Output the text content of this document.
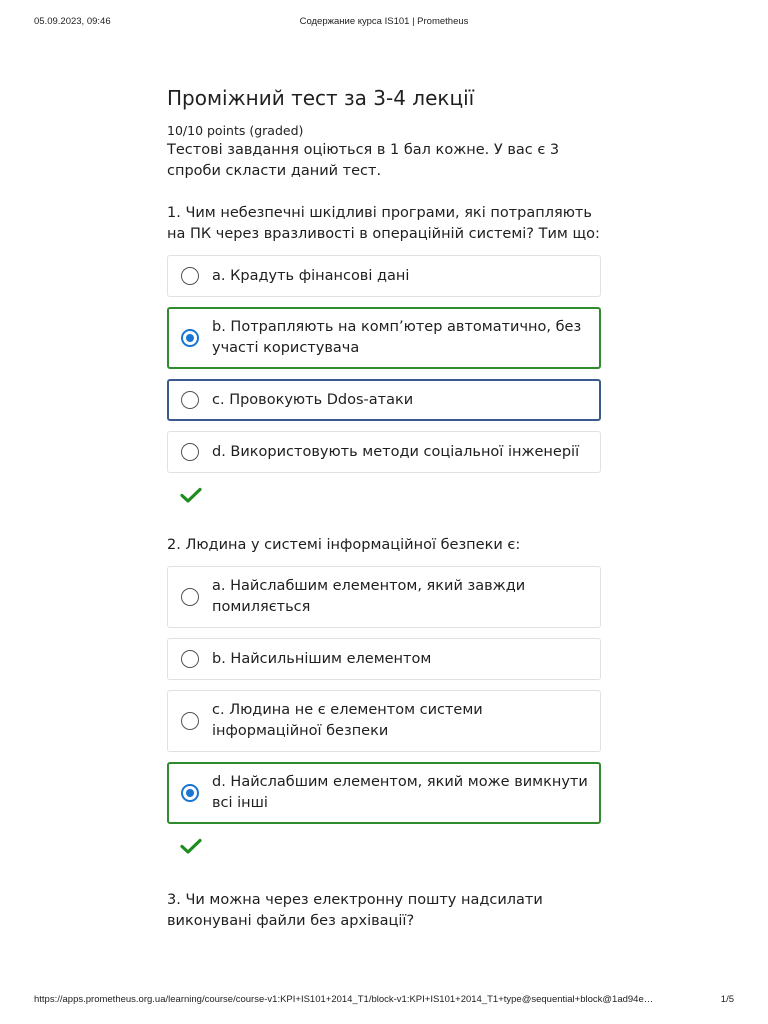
05.09.2023, 09:46	Содержание курса IS101 | Prometheus
Проміжний тест за 3-4 лекції
10/10 points (graded)
Тестові завдання оціються в 1 бал кожне. У вас є 3 спроби скласти даний тест.
1. Чим небезпечні шкідливі програми, які потрапляють на ПК через вразливості в операційній системі? Тим що:
a. Крадуть фінансові дані
b. Потрапляють на комп’ютер автоматично, без участі користувача
c. Провокують Ddos-атаки
d. Використовують методи соціальної інженерії
2. Людина у системі інформаційної безпеки є:
a. Найслабшим елементом, який завжди помиляється
b. Найсильнішим елементом
c. Людина не є елементом системи інформаційної безпеки
d. Найслабшим елементом, який може вимкнути всі інші
3. Чи можна через електронну пошту надсилати виконувані файли без архівації?
https://apps.prometheus.org.ua/learning/course/course-v1:KPI+IS101+2014_T1/block-v1:KPI+IS101+2014_T1+type@sequential+block@1ad94e…	1/5
